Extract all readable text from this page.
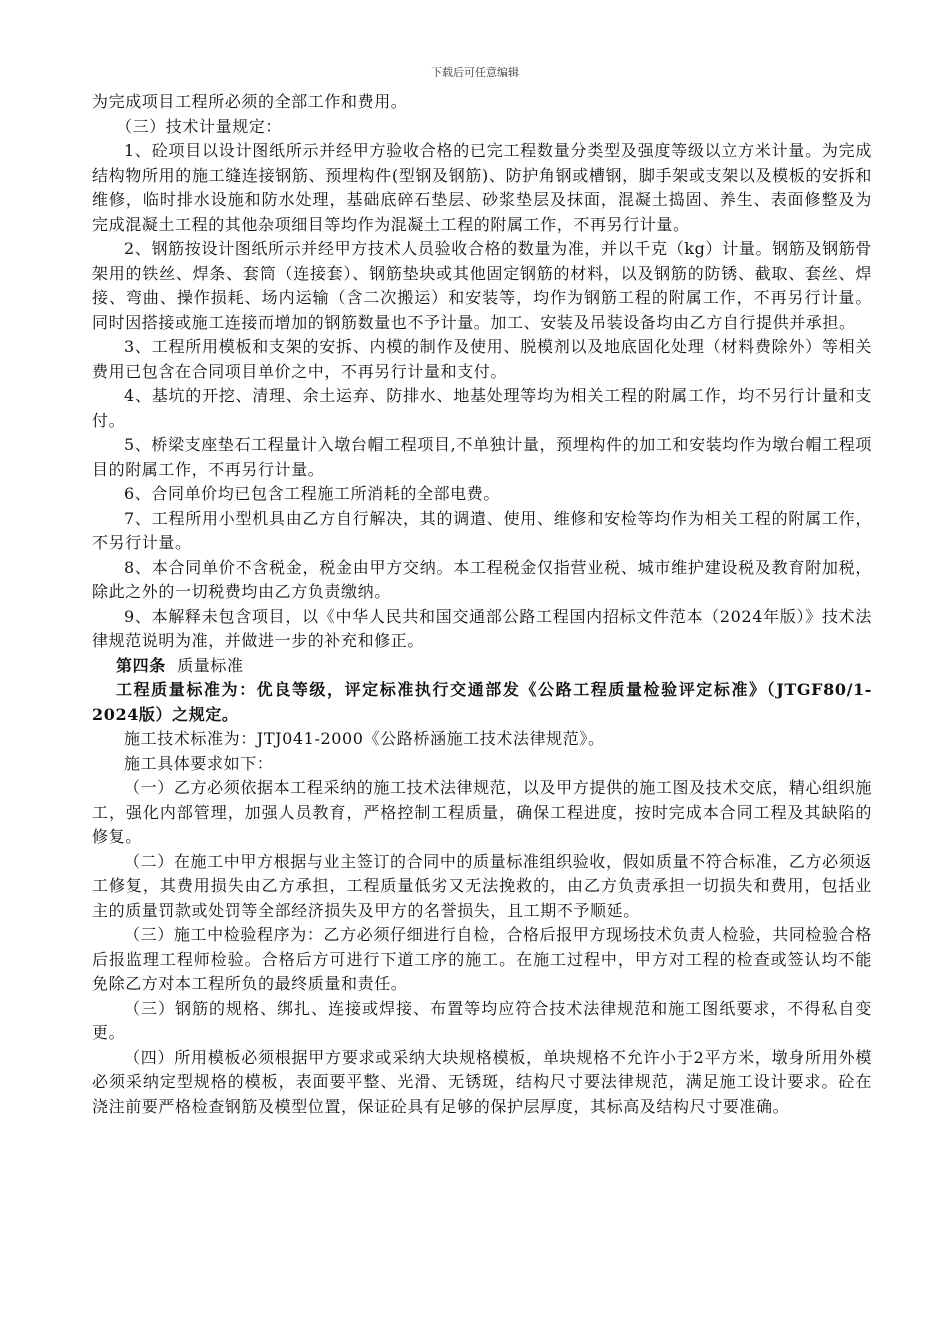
下载后可任意编辑

为完成项目工程所必须的全部工作和费用。

（三）技术计量规定：

1、砼项目以设计图纸所示并经甲方验收合格的已完工程数量分类型及强度等级以立方米计量。为完成结构物所用的施工缝连接钢筋、预埋构件(型钢及钢筋)、防护角钢或槽钢，脚手架或支架以及模板的安拆和维修，临时排水设施和防水处理，基础底碎石垫层、砂浆垫层及抹面，混凝土捣固、养生、表面修整及为完成混凝土工程的其他杂项细目等均作为混凝土工程的附属工作，不再另行计量。

2、钢筋按设计图纸所示并经甲方技术人员验收合格的数量为准，并以千克（kg）计量。钢筋及钢筋骨架用的铁丝、焊条、套筒（连接套）、钢筋垫块或其他固定钢筋的材料，以及钢筋的防锈、截取、套丝、焊接、弯曲、操作损耗、场内运输（含二次搬运）和安装等，均作为钢筋工程的附属工作，不再另行计量。同时因搭接或施工连接而增加的钢筋数量也不予计量。加工、安装及吊装设备均由乙方自行提供并承担。

3、工程所用模板和支架的安拆、内模的制作及使用、脱模剂以及地底固化处理（材料费除外）等相关费用已包含在合同项目单价之中，不再另行计量和支付。

4、基坑的开挖、清理、余土运弃、防排水、地基处理等均为相关工程的附属工作，均不另行计量和支付。

5、桥梁支座垫石工程量计入墩台帽工程项目,不单独计量，预埋构件的加工和安装均作为墩台帽工程项目的附属工作，不再另行计量。

6、合同单价均已包含工程施工所消耗的全部电费。

7、工程所用小型机具由乙方自行解决，其的调遣、使用、维修和安检等均作为相关工程的附属工作，不另行计量。

8、本合同单价不含税金，税金由甲方交纳。本工程税金仅指营业税、城市维护建设税及教育附加税，除此之外的一切税费均由乙方负责缴纳。

9、本解释未包含项目，以《中华人民共和国交通部公路工程国内招标文件范本（2024年版）》技术法律规范说明为准，并做进一步的补充和修正。

第四条 质量标准

工程质量标准为：优良等级，评定标准执行交通部发《公路工程质量检验评定标准》（JTGF80/1-2024版）之规定。

施工技术标准为：JTJ041-2000《公路桥涵施工技术法律规范》。

施工具体要求如下：

（一）乙方必须依据本工程采纳的施工技术法律规范，以及甲方提供的施工图及技术交底，精心组织施工，强化内部管理，加强人员教育，严格控制工程质量，确保工程进度，按时完成本合同工程及其缺陷的修复。

（二）在施工中甲方根据与业主签订的合同中的质量标准组织验收，假如质量不符合标准，乙方必须返工修复，其费用损失由乙方承担，工程质量低劣又无法挽救的，由乙方负责承担一切损失和费用，包括业主的质量罚款或处罚等全部经济损失及甲方的名誉损失，且工期不予顺延。

（三）施工中检验程序为：乙方必须仔细进行自检，合格后报甲方现场技术负责人检验，共同检验合格后报监理工程师检验。合格后方可进行下道工序的施工。在施工过程中，甲方对工程的检查或签认均不能免除乙方对本工程所负的最终质量和责任。

（三）钢筋的规格、绑扎、连接或焊接、布置等均应符合技术法律规范和施工图纸要求，不得私自变更。

（四）所用模板必须根据甲方要求或采纳大块规格模板，单块规格不允许小于2平方米，墩身所用外模必须采纳定型规格的模板，表面要平整、光滑、无锈斑，结构尺寸要法律规范，满足施工设计要求。砼在浇注前要严格检查钢筋及模型位置，保证砼具有足够的保护层厚度，其标高及结构尺寸要准确。
